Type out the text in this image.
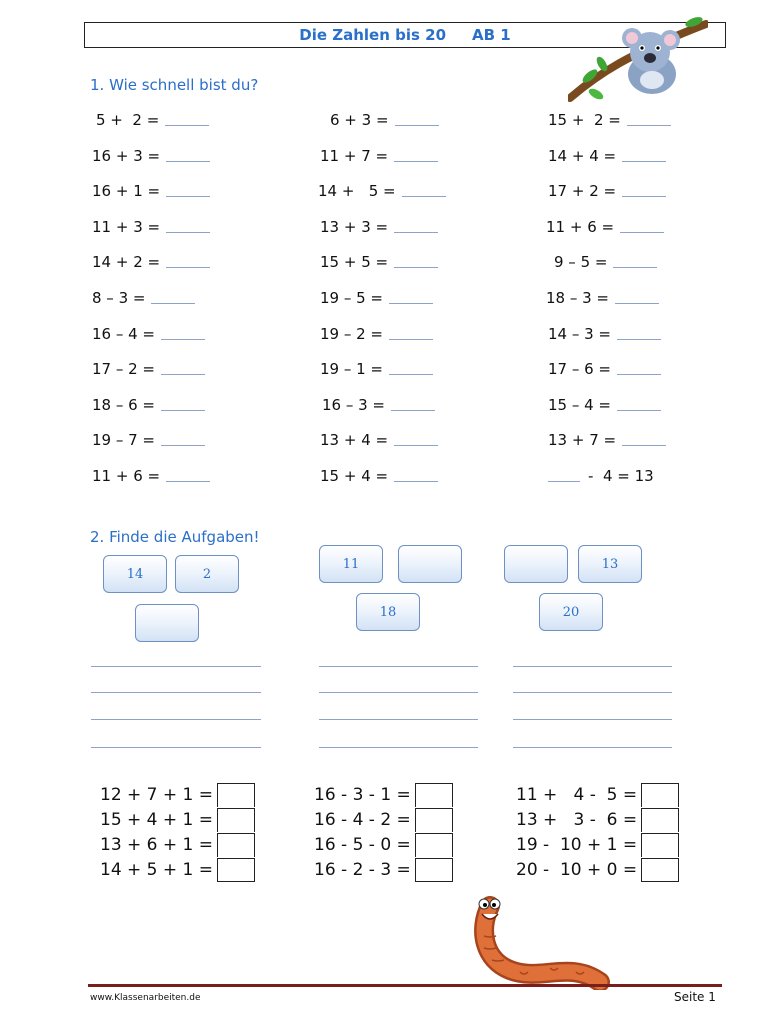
Die Zahlen bis 20 AB 1
1. Wie schnell bist du?
5 +  2 =
16 + 3 =
16 + 1 =
11 + 3 =
14 + 2 =
8 – 3 =
16 – 4 =
17 – 2 =
18 – 6 =
19 – 7 =
11 + 6 =
6 + 3 =
11 + 7 =
14 +   5 =
13 + 3 =
15 + 5 =
19 – 5 =
19 – 2 =
19 – 1 =
16 – 3 =
13 + 4 =
15 + 4 =
15 +  2 =
14 + 4 =
17 + 2 =
11 + 6 =
9 – 5 =
18 – 3 =
14 – 3 =
17 – 6 =
15 – 4 =
13 + 7 =
-  4 = 13
2. Finde die Aufgaben!
14	2
11
18
13
20
12 + 7 + 1 =
15 + 4 + 1 =
13 + 6 + 1 =
14 + 5 + 1 =
16 - 3 - 1 =
16 - 4 - 2 =
16 - 5 - 0 =
16 - 2 - 3 =
11 +   4 -  5 =
13 +   3 -  6 =
19 -  10 + 1 =
20 -  10 + 0 =
www.Klassenarbeiten.de	Seite 1
